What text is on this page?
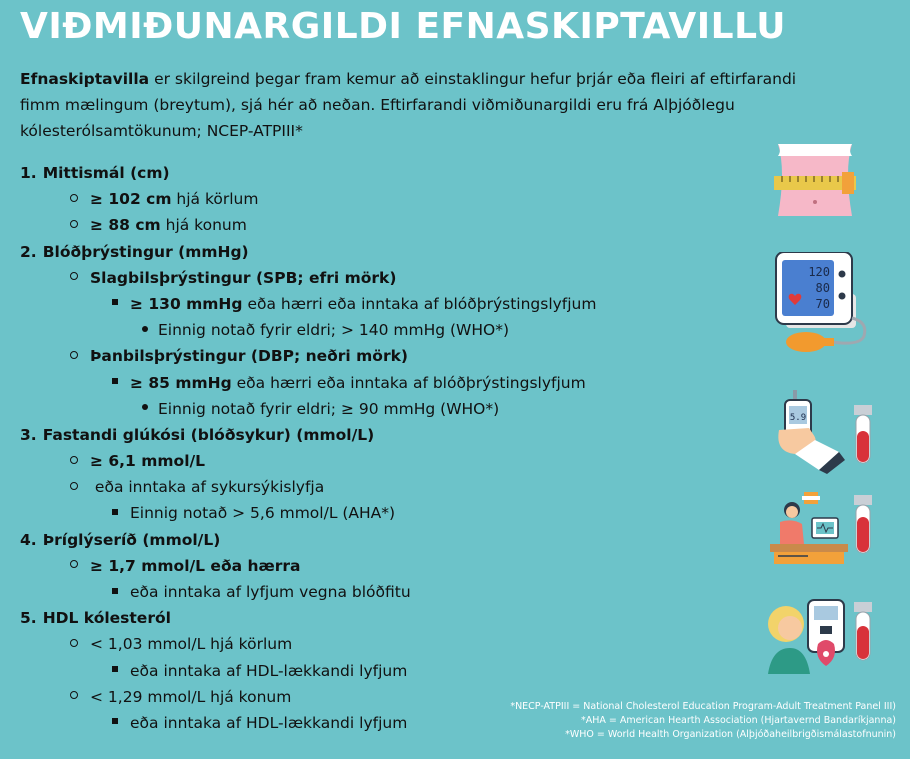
VIÐMIÐUNARGILDI EFNASKIPTAVILLU

Efnaskiptavilla er skilgreind þegar fram kemur að einstaklingur hefur þrjár eða fleiri af eftirfarandi
fimm mælingum (breytum), sjá hér að neðan. Eftirfarandi viðmiðunargildi eru frá Alþjóðlegu
kólesterólsamtökunum; NCEP-ATPIII*

1. Mittismál (cm)
≥ 102 cm hjá körlum
≥ 88 cm hjá konum
2. Blóðþrýstingur (mmHg)
Slagbilsþrýstingur (SPB; efri mörk)
≥ 130 mmHg eða hærri eða inntaka af blóðþrýstingslyfjum
Einnig notað fyrir eldri; > 140 mmHg (WHO*)
Þanbilsþrýstingur (DBP; neðri mörk)
≥ 85 mmHg eða hærri eða inntaka af blóðþrýstingslyfjum
Einnig notað fyrir eldri; ≥ 90 mmHg (WHO*)
3. Fastandi glúkósi (blóðsykur) (mmol/L)
≥ 6,1 mmol/L
eða inntaka af sykursýkislyfja
Einnig notað > 5,6 mmol/L (AHA*)
4. Þríglýseríð (mmol/L)
≥ 1,7 mmol/L eða hærra
eða inntaka af lyfjum vegna blóðfitu
5. HDL kólesteról
< 1,03 mmol/L hjá körlum
eða inntaka af HDL-lækkandi lyfjum
< 1,29 mmol/L hjá konum
eða inntaka af HDL-lækkandi lyfjum
120
80
70
5.9
*NECP-ATPIII = National Cholesterol Education Program-Adult Treatment Panel III)
*AHA = American Hearth Association (Hjartavernd Bandaríkjanna)
*WHO = World Health Organization (Alþjóðaheilbrigðismálastofnunin)
